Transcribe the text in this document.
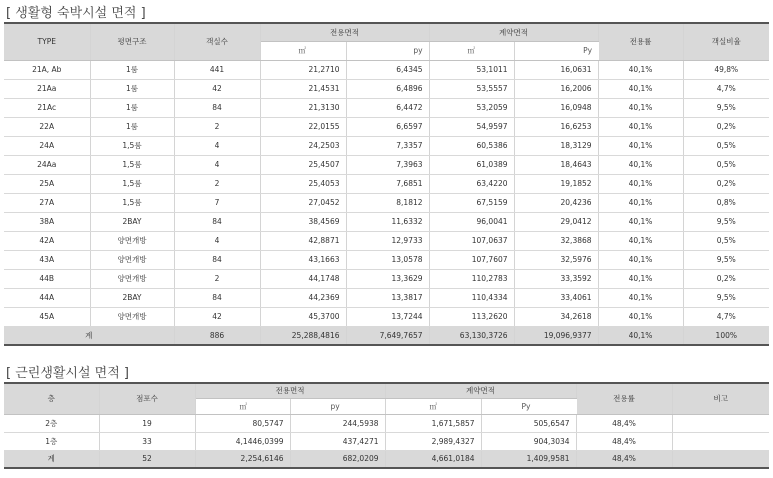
[ 생활형 숙박시설 면적 ]
TYPE	평면구조	객실수	전용면적		계약면적		전용률	객실비율
			㎡	py	㎡	Py		
21A, Ab	1룸	441	21,2710	6,4345	53,1011	16,0631	40,1%	49,8%
21Aa	1룸	42	21,4531	6,4896	53,5557	16,2006	40,1%	4,7%
21Ac	1룸	84	21,3130	6,4472	53,2059	16,0948	40,1%	9,5%
22A	1룸	2	22,0155	6,6597	54,9597	16,6253	40,1%	0,2%
24A	1,5룸	4	24,2503	7,3357	60,5386	18,3129	40,1%	0,5%
24Aa	1,5룸	4	25,4507	7,3963	61,0389	18,4643	40,1%	0,5%
25A	1,5룸	2	25,4053	7,6851	63,4220	19,1852	40,1%	0,2%
27A	1,5룸	7	27,0452	8,1812	67,5159	20,4236	40,1%	0,8%
38A	2BAY	84	38,4569	11,6332	96,0041	29,0412	40,1%	9,5%
42A	양면개방	4	42,8871	12,9733	107,0637	32,3868	40,1%	0,5%
43A	양면개방	84	43,1663	13,0578	107,7607	32,5976	40,1%	9,5%
44B	양면개방	2	44,1748	13,3629	110,2783	33,3592	40,1%	0,2%
44A	2BAY	84	44,2369	13,3817	110,4334	33,4061	40,1%	9,5%
45A	양면개방	42	45,3700	13,7244	113,2620	34,2618	40,1%	4,7%
계		886	25,288,4816	7,649,7657	63,130,3726	19,096,9377	40,1%	100%
[ 근린생활시설 면적 ]
층	점포수	전용면적		계약면적		전용률	비고
		㎡	py	㎡	Py		
2층	19	80,5747	244,5938	1,671,5857	505,6547	48,4%	
1층	33	4,1446,0399	437,4271	2,989,4327	904,3034	48,4%	
계	52	2,254,6146	682,0209	4,661,0184	1,409,9581	48,4%	
